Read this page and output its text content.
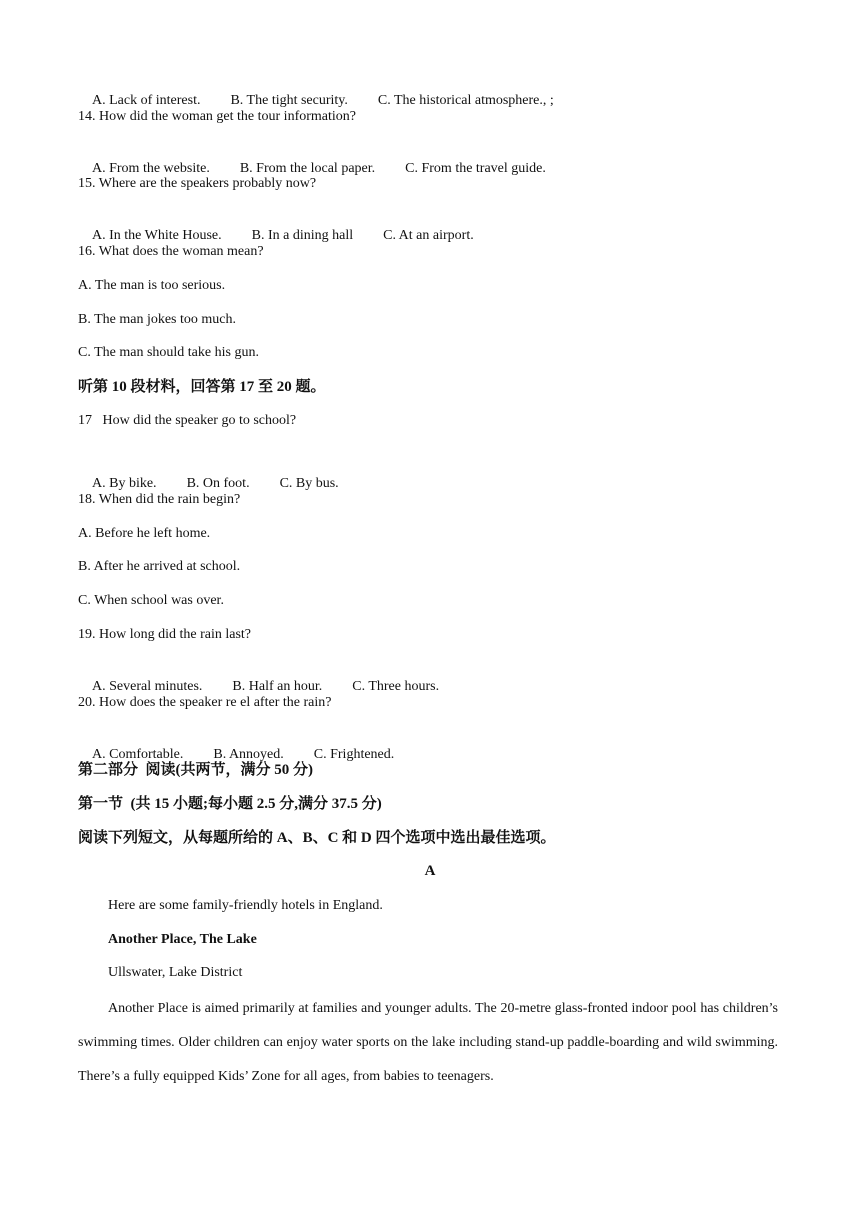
A. Lack of interest. B. The tight security. C. The historical atmosphere., ;

14. How did the woman get the tour information?

A. From the website. B. From the local paper. C. From the travel guide.

15. Where are the speakers probably now?

A. In the White House. B. In a dining hall C. At an airport.

16. What does the woman mean?
A. The man is too serious.
B. The man jokes too much.
C. The man should take his gun.
听第 10 段材料，回答第 17 至 20 题。
17   How did the speaker go to school?

A. By bike. B. On foot. C. By bus.

18. When did the rain begin?
A. Before he left home.
B. After he arrived at school.
C. When school was over.
19. How long did the rain last?

A. Several minutes. B. Half an hour. C. Three hours.

20. How does the speaker re el after the rain?

A. Comfortable. B. Annoyed. C. Frightened.

第二部分  阅读(共两节，满分 50 分)
第一节  (共 15 小题;每小题 2.5 分,满分 37.5 分)
阅读下列短文，从每题所给的 A、B、C 和 D 四个选项中选出最佳选项。
A
Here are some family-friendly hotels in England.
Another Place, The Lake
Ullswater, Lake District
Another Place is aimed primarily at families and younger adults. The 20-metre glass-fronted indoor pool has children’s swimming times. Older children can enjoy water sports on the lake including stand-up paddle-boarding and wild swimming. There’s a fully equipped Kids’ Zone for all ages, from babies to teenagers.
